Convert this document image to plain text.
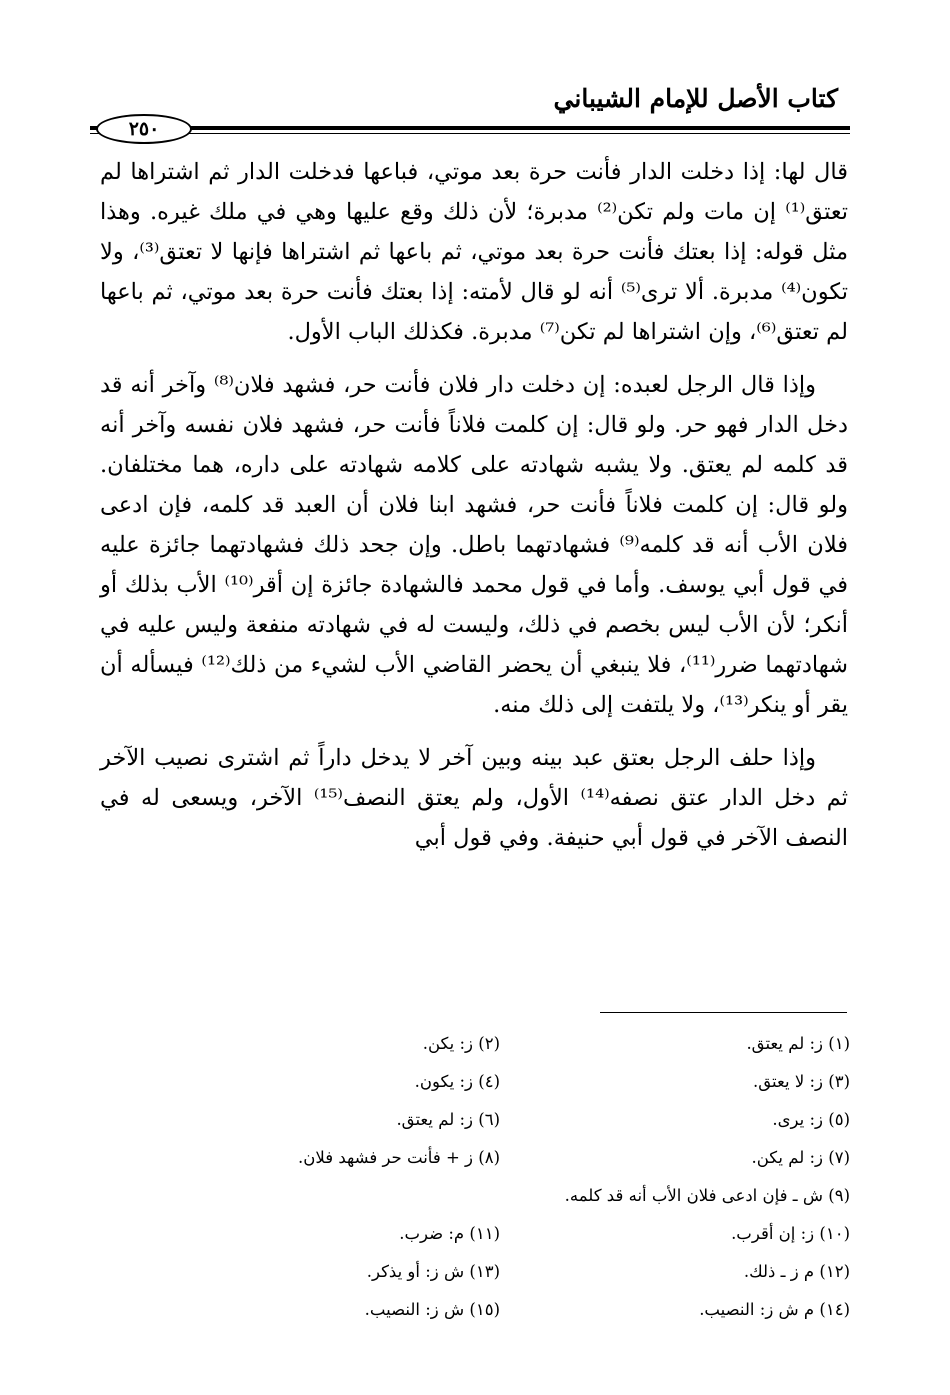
كتاب الأصل للإمام الشيباني
٢٥٠

قال لها: إذا دخلت الدار فأنت حرة بعد موتي، فباعها فدخلت الدار ثم اشتراها لم تعتق⁽¹⁾ إن مات ولم تكن⁽²⁾ مدبرة؛ لأن ذلك وقع عليها وهي في ملك غيره. وهذا مثل قوله: إذا بعتك فأنت حرة بعد موتي، ثم باعها ثم اشتراها فإنها لا تعتق⁽³⁾، ولا تكون⁽⁴⁾ مدبرة. ألا ترى⁽⁵⁾ أنه لو قال لأمته: إذا بعتك فأنت حرة بعد موتي، ثم باعها لم تعتق⁽⁶⁾، وإن اشتراها لم تكن⁽⁷⁾ مدبرة. فكذلك الباب الأول.

وإذا قال الرجل لعبده: إن دخلت دار فلان فأنت حر، فشهد فلان⁽⁸⁾ وآخر أنه قد دخل الدار فهو حر. ولو قال: إن كلمت فلاناً فأنت حر، فشهد فلان نفسه وآخر أنه قد كلمه لم يعتق. ولا يشبه شهادته على كلامه شهادته على داره، هما مختلفان. ولو قال: إن كلمت فلاناً فأنت حر، فشهد ابنا فلان أن العبد قد كلمه، فإن ادعى فلان الأب أنه قد كلمه⁽⁹⁾ فشهادتهما باطل. وإن جحد ذلك فشهادتهما جائزة عليه في قول أبي يوسف. وأما في قول محمد فالشهادة جائزة إن أقر⁽¹⁰⁾ الأب بذلك أو أنكر؛ لأن الأب ليس بخصم في ذلك، وليست له في شهادته منفعة وليس عليه في شهادتهما ضرر⁽¹¹⁾، فلا ينبغي أن يحضر القاضي الأب لشيء من ذلك⁽¹²⁾ فيسأله أن يقر أو ينكر⁽¹³⁾، ولا يلتفت إلى ذلك منه.

وإذا حلف الرجل بعتق عبد بينه وبين آخر لا يدخل داراً ثم اشترى نصيب الآخر ثم دخل الدار عتق نصفه⁽¹⁴⁾ الأول، ولم يعتق النصف⁽¹⁵⁾ الآخر، ويسعى له في النصف الآخر في قول أبي حنيفة. وفي قول أبي

(١) ز: لم يعتق.
(٢) ز: يكن.
(٣) ز: لا يعتق.
(٤) ز: يكون.
(٥) ز: يرى.
(٦) ز: لم يعتق.
(٧) ز: لم يكن.
(٨) ز + فأنت حر فشهد فلان.
(٩) ش ـ فإن ادعى فلان الأب أنه قد كلمه.
(١٠) ز: إن أقرب.
(١١) م: ضرب.
(١٢) م ز ـ ذلك.
(١٣) ش ز: أو يذكر.
(١٤) م ش ز: النصيب.
(١٥) ش ز: النصيب.
